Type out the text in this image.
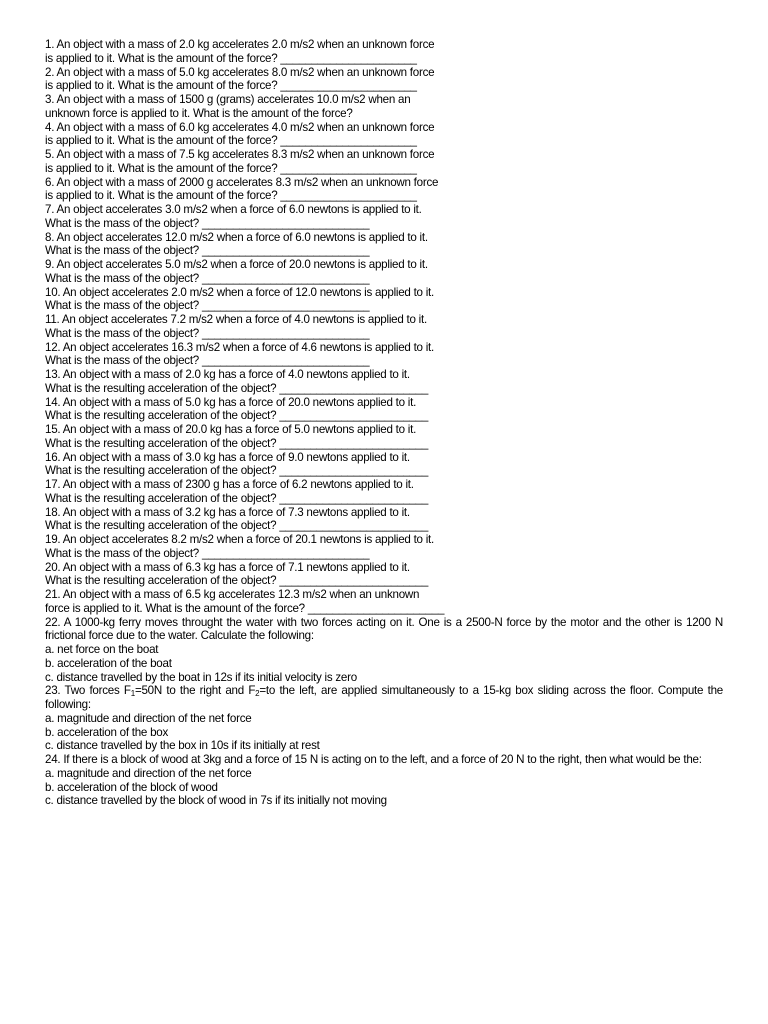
1. An object with a mass of 2.0 kg accelerates 2.0 m/s2 when an unknown force
is applied to it. What is the amount of the force? ______________________
2. An object with a mass of 5.0 kg accelerates 8.0 m/s2 when an unknown force
is applied to it. What is the amount of the force? ______________________
3. An object with a mass of 1500 g (grams) accelerates 10.0 m/s2 when an
unknown force is applied to it. What is the amount of the force?
4. An object with a mass of 6.0 kg accelerates 4.0 m/s2 when an unknown force
is applied to it. What is the amount of the force? ______________________
5. An object with a mass of 7.5 kg accelerates 8.3 m/s2 when an unknown force
is applied to it. What is the amount of the force? ______________________
6. An object with a mass of 2000 g accelerates 8.3 m/s2 when an unknown force
is applied to it. What is the amount of the force? ______________________
7. An object accelerates 3.0 m/s2 when a force of 6.0 newtons is applied to it.
What is the mass of the object? ___________________________
8. An object accelerates 12.0 m/s2 when a force of 6.0 newtons is applied to it.
What is the mass of the object? ___________________________
9. An object accelerates 5.0 m/s2 when a force of 20.0 newtons is applied to it.
What is the mass of the object? ___________________________
10. An object accelerates 2.0 m/s2 when a force of 12.0 newtons is applied to it.
What is the mass of the object? ___________________________
11. An object accelerates 7.2 m/s2 when a force of 4.0 newtons is applied to it.
What is the mass of the object? ___________________________
12. An object accelerates 16.3 m/s2 when a force of 4.6 newtons is applied to it.
What is the mass of the object? ___________________________
13. An object with a mass of 2.0 kg has a force of 4.0 newtons applied to it.
What is the resulting acceleration of the object? ________________________
14. An object with a mass of 5.0 kg has a force of 20.0 newtons applied to it.
What is the resulting acceleration of the object? ________________________
15. An object with a mass of 20.0 kg has a force of 5.0 newtons applied to it.
What is the resulting acceleration of the object? ________________________
16. An object with a mass of 3.0 kg has a force of 9.0 newtons applied to it.
What is the resulting acceleration of the object? ________________________
17. An object with a mass of 2300 g has a force of 6.2 newtons applied to it.
What is the resulting acceleration of the object? ________________________
18. An object with a mass of 3.2 kg has a force of 7.3 newtons applied to it.
What is the resulting acceleration of the object? ________________________
19. An object accelerates 8.2 m/s2 when a force of 20.1 newtons is applied to it.
What is the mass of the object? ___________________________
20. An object with a mass of 6.3 kg has a force of 7.1 newtons applied to it.
What is the resulting acceleration of the object? ________________________
21. An object with a mass of 6.5 kg accelerates 12.3 m/s2 when an unknown
force is applied to it. What is the amount of the force? ______________________
22. A 1000-kg ferry moves throught the water with two forces acting on it. One is a 2500-N force by the motor and the other is 1200 N
frictional force due to the water. Calculate the following:
a. net force on the boat
b. acceleration of the boat
c. distance travelled by the boat in 12s if its initial velocity is zero
23. Two forces F1=50N to the right and F2=to the left, are applied simultaneously to a 15-kg box sliding across the floor. Compute the
following:
a. magnitude and direction of the net force
b. acceleration of the box
c. distance travelled by the box in 10s if its initially at rest
24. If there is a block of wood at 3kg and a force of 15 N is acting on to the left, and a force of 20 N to the right, then what would be the:
a. magnitude and direction of the net force
b. acceleration of the block of wood
c. distance travelled by the block of wood in 7s if its initially not moving
